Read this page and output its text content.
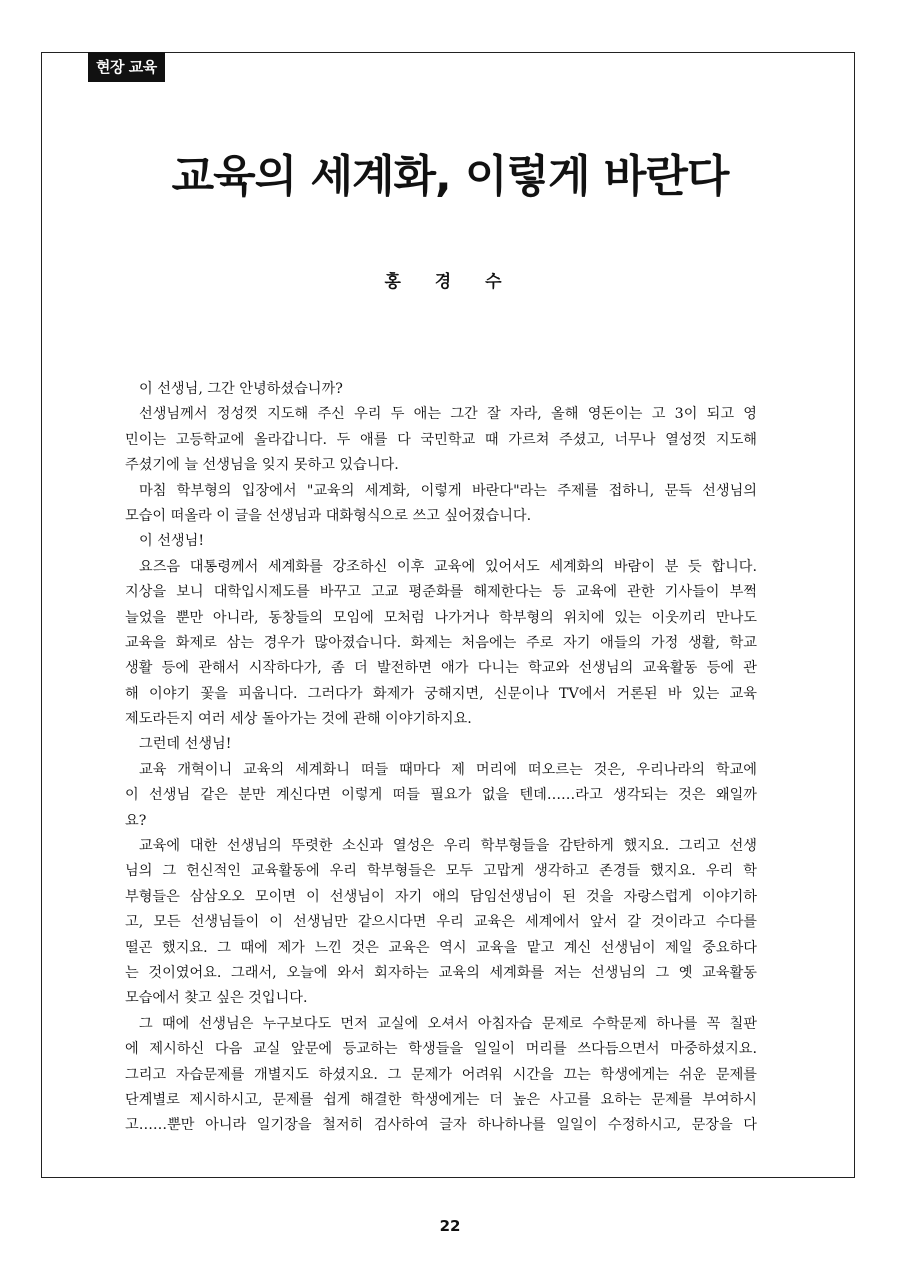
현장 교육
교육의 세계화, 이렇게 바란다
홍 경 수
이 선생님, 그간 안녕하셨습니까?
선생님께서 정성껏 지도해 주신 우리 두 애는 그간 잘 자라, 올해 영돈이는 고 3이 되고 영
민이는 고등학교에 올라갑니다. 두 애를 다 국민학교 때 가르쳐 주셨고, 너무나 열성껏 지도해
주셨기에 늘 선생님을 잊지 못하고 있습니다.
마침 학부형의 입장에서 "교육의 세계화, 이렇게 바란다"라는 주제를 접하니, 문득 선생님의
모습이 떠올라 이 글을 선생님과 대화형식으로 쓰고 싶어졌습니다.
이 선생님!
요즈음 대통령께서 세계화를 강조하신 이후 교육에 있어서도 세계화의 바람이 분 듯 합니다.
지상을 보니 대학입시제도를 바꾸고 고교 평준화를 해제한다는 등 교육에 관한 기사들이 부쩍
늘었을 뿐만 아니라, 동창들의 모임에 모처럼 나가거나 학부형의 위치에 있는 이웃끼리 만나도
교육을 화제로 삼는 경우가 많아졌습니다. 화제는 처음에는 주로 자기 애들의 가정 생활, 학교
생활 등에 관해서 시작하다가, 좀 더 발전하면 애가 다니는 학교와 선생님의 교육활동 등에 관
해 이야기 꽃을 피웁니다. 그러다가 화제가 궁해지면, 신문이나 TV에서 거론된 바 있는 교육
제도라든지 여러 세상 돌아가는 것에 관해 이야기하지요.
그런데 선생님!
교육 개혁이니 교육의 세계화니 떠들 때마다 제 머리에 떠오르는 것은, 우리나라의 학교에
이 선생님 같은 분만 계신다면 이렇게 떠들 필요가 없을 텐데……라고 생각되는 것은 왜일까
요?
교육에 대한 선생님의 뚜렷한 소신과 열성은 우리 학부형들을 감탄하게 했지요. 그리고 선생
님의 그 헌신적인 교육활동에 우리 학부형들은 모두 고맙게 생각하고 존경들 했지요. 우리 학
부형들은 삼삼오오 모이면 이 선생님이 자기 애의 담임선생님이 된 것을 자랑스럽게 이야기하
고, 모든 선생님들이 이 선생님만 같으시다면 우리 교육은 세계에서 앞서 갈 것이라고 수다를
떨곤 했지요. 그 때에 제가 느낀 것은 교육은 역시 교육을 맡고 계신 선생님이 제일 중요하다
는 것이였어요. 그래서, 오늘에 와서 회자하는 교육의 세계화를 저는 선생님의 그 옛 교육활동
모습에서 찾고 싶은 것입니다.
그 때에 선생님은 누구보다도 먼저 교실에 오셔서 아침자습 문제로 수학문제 하나를 꼭 칠판
에 제시하신 다음 교실 앞문에 등교하는 학생들을 일일이 머리를 쓰다듬으면서 마중하셨지요.
그리고 자습문제를 개별지도 하셨지요. 그 문제가 어려워 시간을 끄는 학생에게는 쉬운 문제를
단계별로 제시하시고, 문제를 쉽게 해결한 학생에게는 더 높은 사고를 요하는 문제를 부여하시
고……뿐만 아니라 일기장을 철저히 검사하여 글자 하나하나를 일일이 수정하시고, 문장을 다
22
